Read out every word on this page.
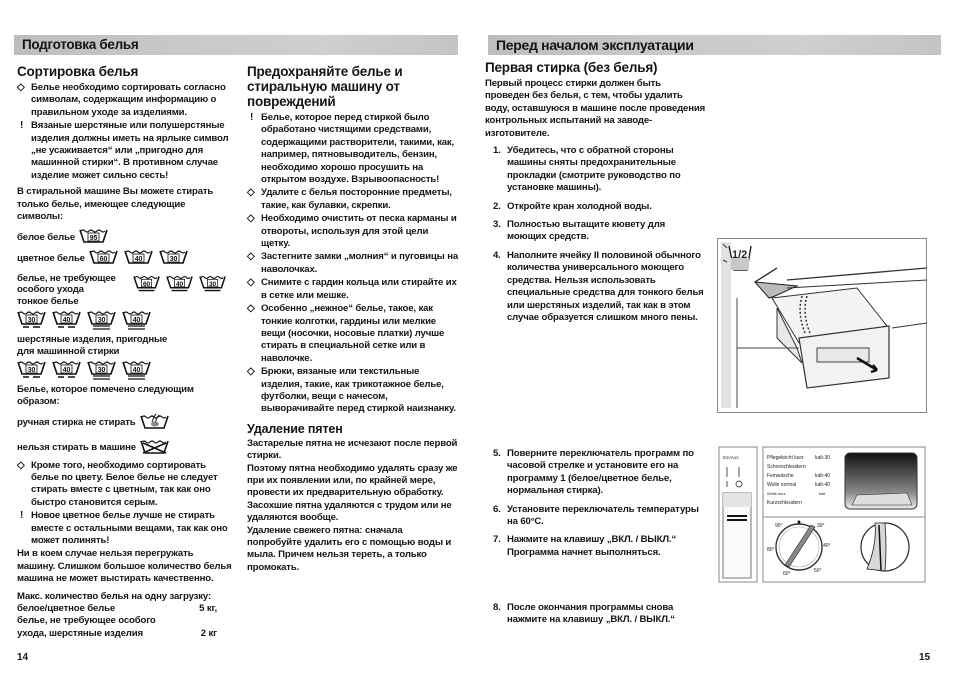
Подготовка белья
Сортировка белья
◇ Белье необходимо сортировать согласно символам, содержащим информацию о правильном уходе за изделиями.
! Вязаные шерстяные или полушерстяные изделия должны иметь на ярлыке символ „не усаживается“ или „пригодно для машинной стирки“. В противном случае изделие может сильно сесть!
В стиральной машине Вы можете стирать только белье, имеющее следующие символы:
белое белье 95
цветное белье 60	40	30
белье, не требующее особого ухода	60	40	30
тонкое белье
30	40	30	40
шерстяные изделия, пригодные для машинной стирки
30	40	30	40
Белье, которое помечено следующим образом:
ручная стирка не стирать
нельзя стирать в машине
◇ Кроме того, необходимо сортировать белье по цвету. Белое белье не следует стирать вместе с цветным, так как оно быстро становится серым.
! Новое цветное белье лучше не стирать вместе с остальными вещами, так как оно может полинять!
Ни в коем случае нельзя перегружать машину. Слишком большое количество белья машина не может выстирать качественно.
Макс. количество белья на одну загрузку:
белое/цветное белье	5 кг,
белье, не требующее особого
ухода, шерстяные изделия	2 кг
Предохраняйте белье и стиральную машину от повреждений
! Белье, которое перед стиркой было обработано чистящими средствами, содержащими растворители, такими, как, например, пятновыводитель, бензин, необходимо хорошо просушить на открытом воздухе. Взрывоопасность!
◇ Удалите с белья посторонние предметы, такие, как булавки, скрепки.
◇ Необходимо очистить от песка карманы и отвороты, используя для этой цели щетку.
◇ Застегните замки „молния“ и пуговицы на наволочках.
◇ Снимите с гардин кольца или стирайте их в сетке или мешке.
◇ Особенно „нежное“ белье, такое, как тонкие колготки, гардины или мелкие вещи (носочки, носовые платки) лучше стирать в специальной сетке или в наволочке.
◇ Брюки, вязаные или текстильные изделия, такие, как трикотажное белье, футболки, вещи с начесом, выворачивайте перед стиркой наизнанку.
Удаление пятен
Застарелые пятна не исчезают после первой стирки.
Поэтому пятна необходимо удалять сразу же при их появлении или, по крайней мере, провести их предварительную обработку. Засохшие пятна удаляются с трудом или не удаляются вообще.
Удаление свежего пятна: сначала попробуйте удалить его с помощью воды и мыла. Причем нельзя тереть, а только промокать.
14
Перед началом эксплуатации
Первая стирка (без белья)
Первый процесс стирки должен быть проведен без белья, с тем, чтобы удалить воду, оставшуюся в машине после проведения контрольных испытаний на заводе-изготовителе.
1. Убедитесь, что с обратной стороны машины сняты предохранительные прокладки (смотрите руководство по установке машины).
2. Откройте кран холодной воды.
3. Полностью вытащите кювету для моющих средств.
4. Наполните ячейку II половиной обычного количества универсального моющего средства. Нельзя использовать специальные средства для тонкого белья или шерстяных изделий, так как в этом случае образуется слишком много пены.
5. Поверните переключатель программ по часовой стрелке и установите его на программу 1 (белое/цветное белье, нормальная стирка).
6. Установите переключатель температуры на 60°C.
7. Нажмите на клавишу „ВКЛ. / ВЫКЛ.“ Программа начнет выполняться.
8. После окончания программы снова нажмите на клавишу „ВКЛ. / ВЫКЛ.“
1/2
Ein/Aus	Pflegeleicht kurz kalt-30
Schonschleudern
Feinwäsche	kalt-40
Wolle normal	kalt-40
Wolle kurz	kalt
Kurzschleudern
30°
40°
50°
60°
80°
90°
15
